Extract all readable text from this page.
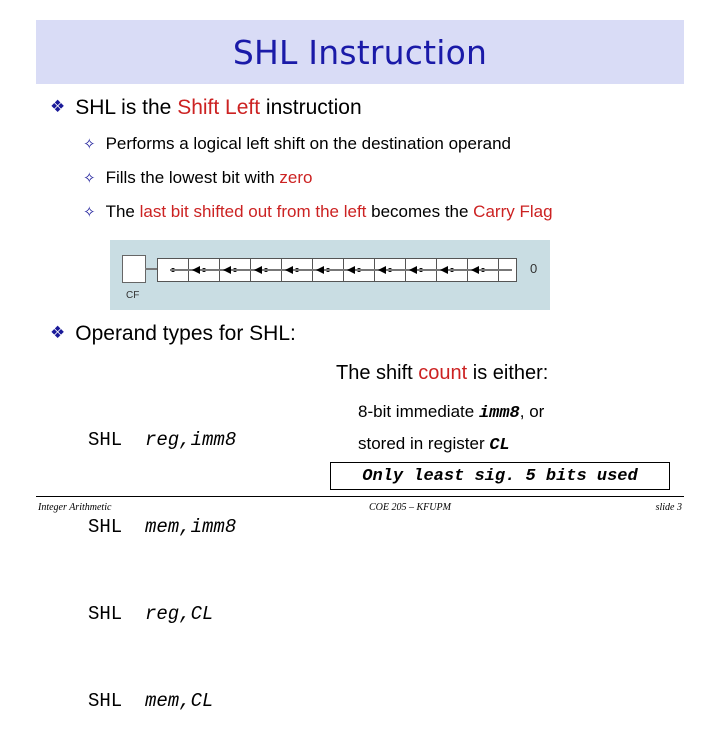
SHL Instruction
❖ SHL is the Shift Left instruction
✧ Performs a logical left shift on the destination operand
✧ Fills the lowest bit with zero
✧ The last bit shifted out from the left becomes the Carry Flag
CF
0
❖ Operand types for SHL:

SHL reg,imm8

SHL mem,imm8

SHL reg,CL

SHL mem,CL

The shift count is either:
8-bit immediate imm8, or
stored in register CL
Only least sig. 5 bits used
Integer Arithmetic	COE 205 – KFUPM	slide 3
